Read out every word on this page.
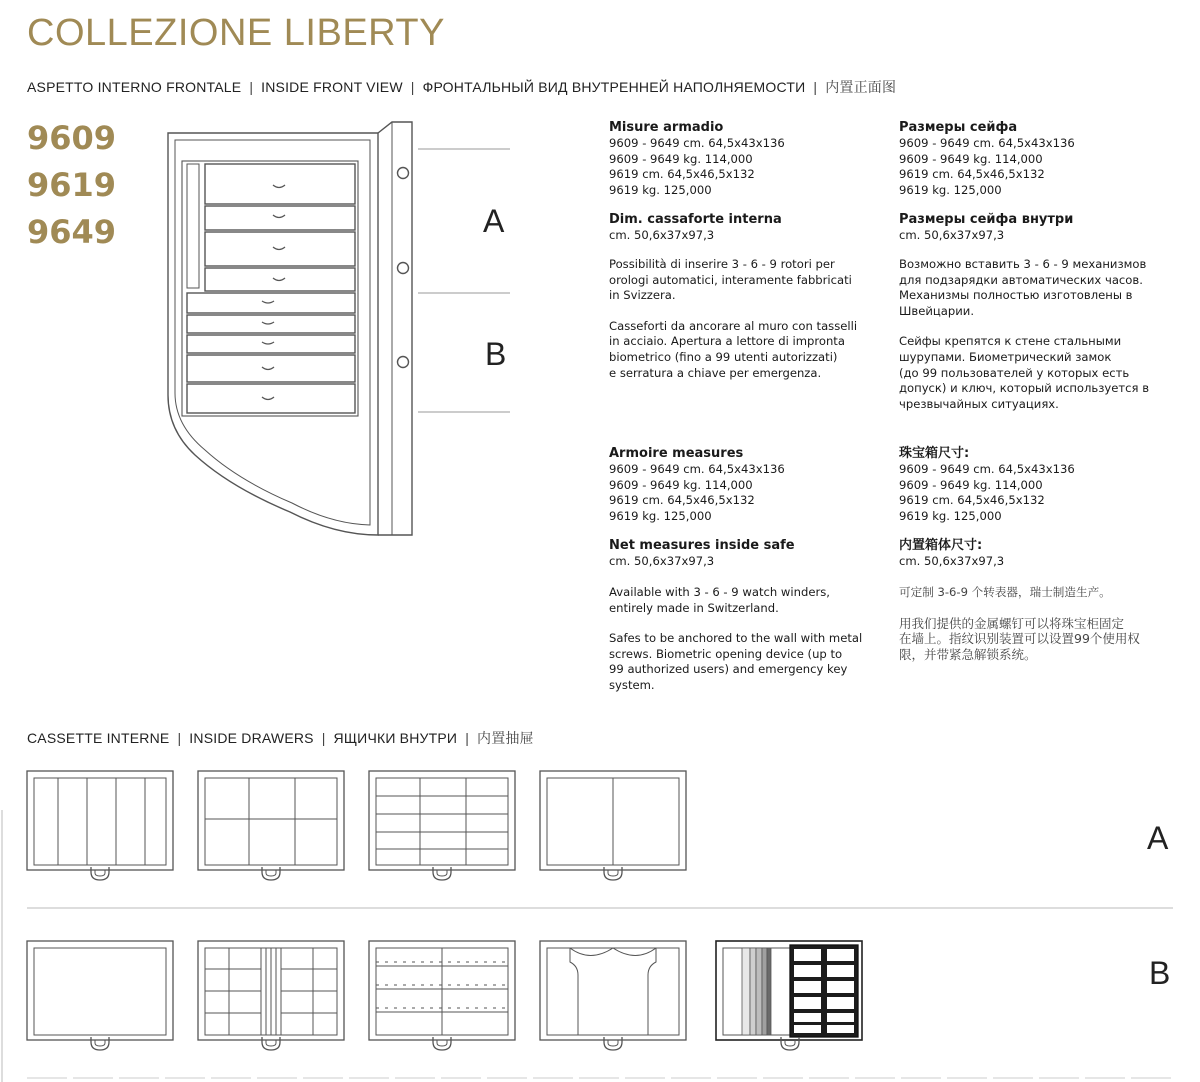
COLLEZIONE LIBERTY
ASPETTO INTERNO FRONTALE | INSIDE FRONT VIEW | ФРОНТАЛЬНЫЙ ВИД ВНУТРЕННЕЙ НАПОЛНЯЕМОСТИ | 内置正面图
9609
9619
9649	A
B
Misure armadio
9609 - 9649 cm. 64,5x43x136
9609 - 9649 kg. 114,000
9619 cm. 64,5x46,5x132
9619 kg. 125,000
Dim. cassaforte interna
cm. 50,6x37x97,3
Possibilità di inserire 3 - 6 - 9 rotori per
orologi automatici, interamente fabbricati
in Svizzera.
Casseforti da ancorare al muro con tasselli
in acciaio. Apertura a lettore di impronta
biometrico (fino a 99 utenti autorizzati)
e serratura a chiave per emergenza.
Размеры сейфа
9609 - 9649 cm. 64,5x43x136
9609 - 9649 kg. 114,000
9619 cm. 64,5x46,5x132
9619 kg. 125,000
Размеры сейфа внутри
cm. 50,6x37x97,3
Возможно вставить 3 - 6 - 9 механизмов
для подзарядки автоматических часов.
Механизмы полностью изготовлены в
Швейцарии.
Сейфы крепятся к стене стальными
шурупами. Биометрический замок
(до 99 пользователей у которых есть
допуск) и ключ, который используется в
чрезвычайных ситуациях.
Armoire measures
9609 - 9649 cm. 64,5x43x136
9609 - 9649 kg. 114,000
9619 cm. 64,5x46,5x132
9619 kg. 125,000
Net measures inside safe
cm. 50,6x37x97,3
Available with 3 - 6 - 9 watch winders,
entirely made in Switzerland.
Safes to be anchored to the wall with metal
screws. Biometric opening device (up to
99 authorized users) and emergency key
system.
珠宝箱尺寸:
9609 - 9649 cm. 64,5x43x136
9609 - 9649 kg. 114,000
9619 cm. 64,5x46,5x132
9619 kg. 125,000
内置箱体尺寸:
cm. 50,6x37x97,3
可定制 3-6-9 个转表器，瑞士制造生产。
用我们提供的金属螺钉可以将珠宝柜固定
在墙上。指纹识别装置可以设置99个使用权
限，并带紧急解锁系统。
CASSETTE INTERNE | INSIDE DRAWERS | ЯЩИЧКИ ВНУТРИ | 内置抽屉
A
B
